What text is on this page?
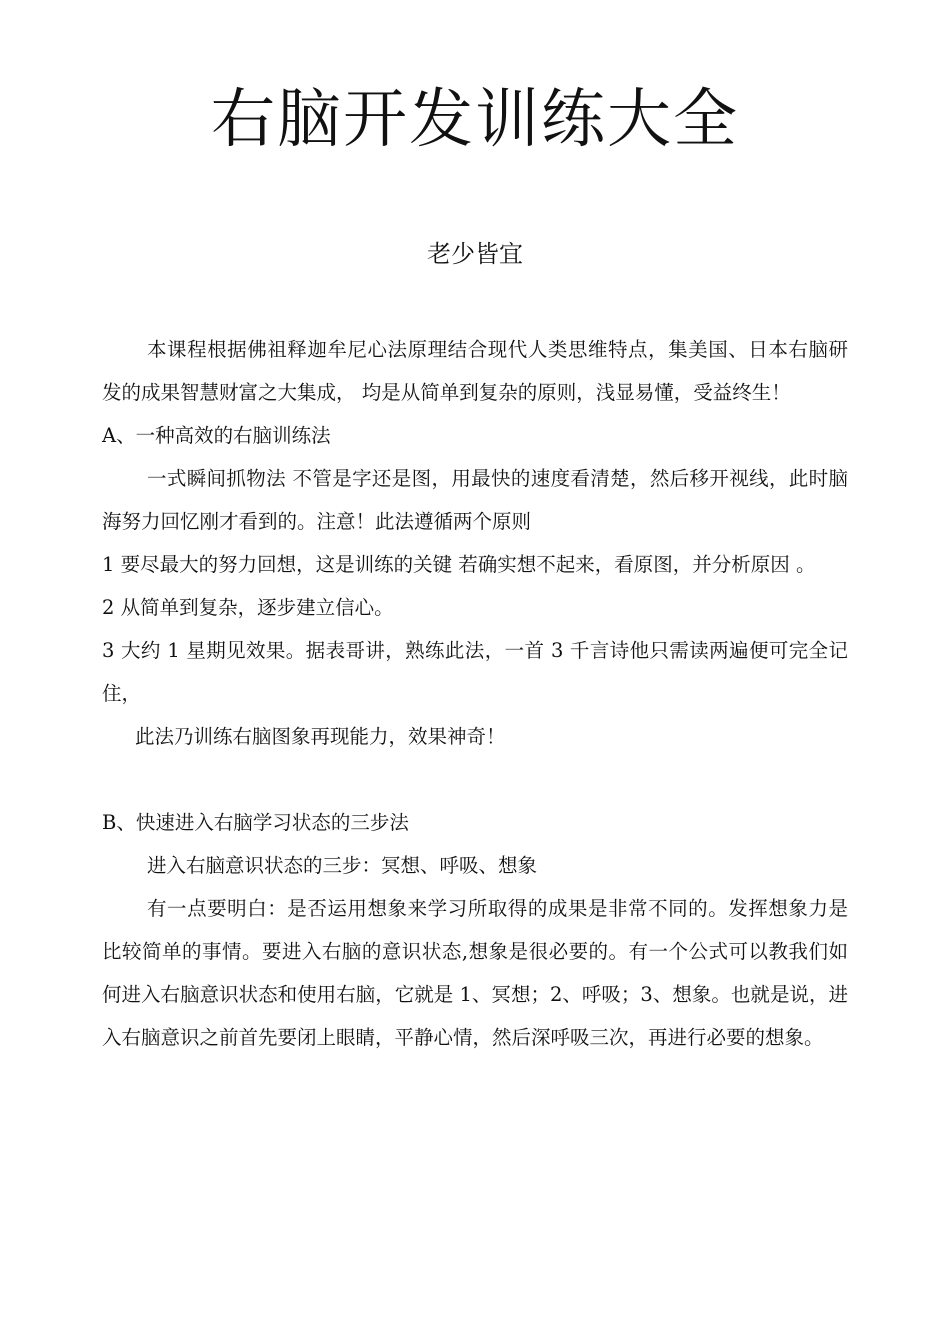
右脑开发训练大全
老少皆宜

本课程根据佛祖释迦牟尼心法原理结合现代人类思维特点，集美国、日本右脑研发的成果智慧财富之大集成， 均是从简单到复杂的原则，浅显易懂，受益终生！

A、一种高效的右脑训练法

一式瞬间抓物法 不管是字还是图，用最快的速度看清楚，然后移开视线，此时脑海努力回忆刚才看到的。注意！此法遵循两个原则

1 要尽最大的努力回想，这是训练的关键 若确实想不起来，看原图，并分析原因 。

2 从简单到复杂，逐步建立信心。

3 大约 1 星期见效果。据表哥讲，熟练此法，一首 3 千言诗他只需读两遍便可完全记住，

此法乃训练右脑图象再现能力，效果神奇！

B、快速进入右脑学习状态的三步法

进入右脑意识状态的三步：冥想、呼吸、想象

有一点要明白：是否运用想象来学习所取得的成果是非常不同的。发挥想象力是比较简单的事情。要进入右脑的意识状态,想象是很必要的。有一个公式可以教我们如何进入右脑意识状态和使用右脑，它就是 1、冥想；2、呼吸；3、想象。也就是说，进入右脑意识之前首先要闭上眼睛，平静心情，然后深呼吸三次，再进行必要的想象。
